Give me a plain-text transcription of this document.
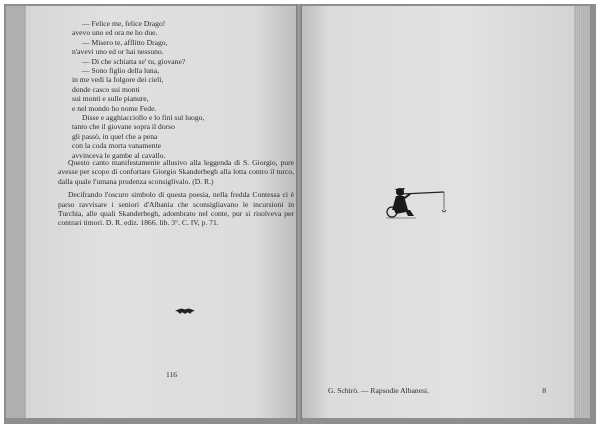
— Felice me, felice Drago!
avevo uno ed ora ne ho due.
— Misero te, afflitto Drago,
n'avevi uno ed or hai nessuno.
— Di che schiatta se' tu, giovane?
— Sono figlio della luna,
in me vedi la folgore dei cieli,
donde casco sui monti
sui monti e sulle pianure,
e nel mondo ho nome Fede.
Disse e agghiacciollo e lo finì sul luogo,
tanto che il giovane sopra il dorso
gli passò, in quel che a pena
con la coda morta vanamente
avvinceva le gambe al cavallo.

Questo canto manifestamente allusivo alla leggenda di S. Giorgio, pure avesse per scopo di confortare Giorgio Skanderbegh alla lotta contro il turco, dalla quale l'umana prudenza sconsiglivalo. (D. R.)

Decifrando l'oscuro simbolo di questa poesia, nella fredda Contessa ci è parso ravvisare i seniori d'Albania che sconsigliavano le incursioni in Turchia, alle quali Skanderbegh, adombrato nel conte, pur si risolveva per contrari timori. D. R. ediz. 1866. lib. 3°. C. IV, p. 71.

116
G. Schirò. — Rapsodie Albanesi.	8
